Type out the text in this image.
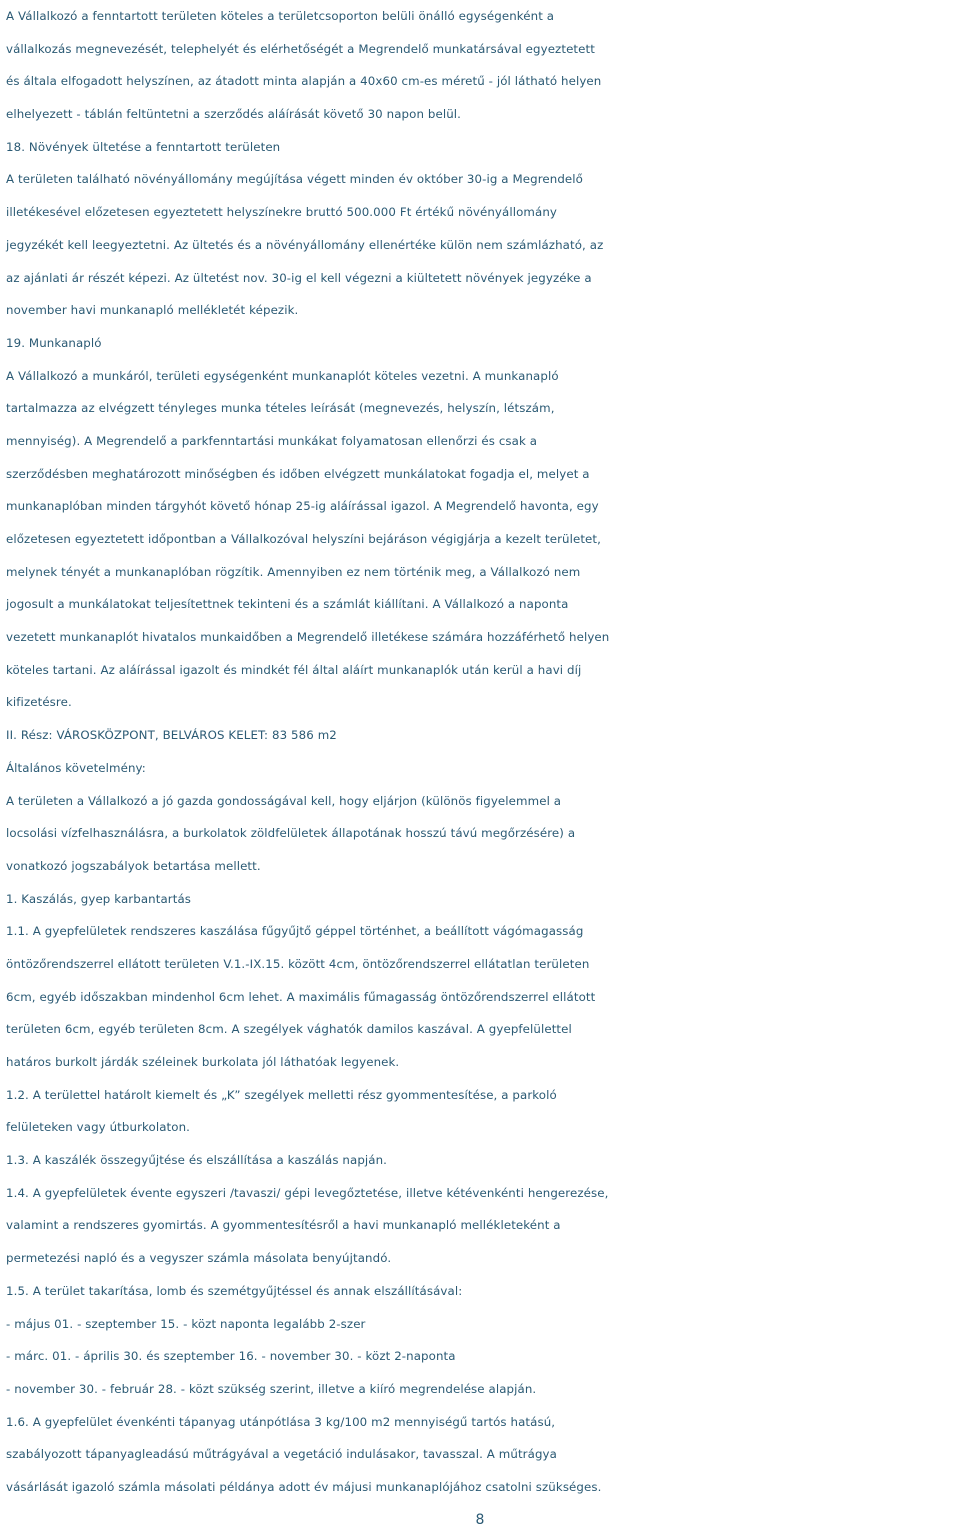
A Vállalkozó a fenntartott területen köteles a területcsoporton belüli önálló egységenként a
vállalkozás megnevezését, telephelyét és elérhetőségét a Megrendelő munkatársával egyeztetett
és általa elfogadott helyszínen, az átadott minta alapján a 40x60 cm-es méretű - jól látható helyen
elhelyezett - táblán feltüntetni a szerződés aláírását követő 30 napon belül.
18. Növények ültetése a fenntartott területen
A területen található növényállomány megújítása végett minden év október 30-ig a Megrendelő
illetékesével előzetesen egyeztetett helyszínekre bruttó 500.000 Ft értékű növényállomány
jegyzékét kell leegyeztetni. Az ültetés és a növényállomány ellenértéke külön nem számlázható, az
az ajánlati ár részét képezi. Az ültetést nov. 30-ig el kell végezni a kiültetett növények jegyzéke a
november havi munkanapló mellékletét képezik.
19. Munkanapló
A Vállalkozó a munkáról, területi egységenként munkanaplót köteles vezetni. A munkanapló
tartalmazza az elvégzett tényleges munka tételes leírását (megnevezés, helyszín, létszám,
mennyiség). A Megrendelő a parkfenntartási munkákat folyamatosan ellenőrzi és csak a
szerződésben meghatározott minőségben és időben elvégzett munkálatokat fogadja el, melyet a
munkanaplóban minden tárgyhót követő hónap 25-ig aláírással igazol. A Megrendelő havonta, egy
előzetesen egyeztetett időpontban a Vállalkozóval helyszíni bejáráson végigjárja a kezelt területet,
melynek tényét a munkanaplóban rögzítik. Amennyiben ez nem történik meg, a Vállalkozó nem
jogosult a munkálatokat teljesítettnek tekinteni és a számlát kiállítani. A Vállalkozó a naponta
vezetett munkanaplót hivatalos munkaidőben a Megrendelő illetékese számára hozzáférhető helyen
köteles tartani. Az aláírással igazolt és mindkét fél által aláírt munkanaplók után kerül a havi díj
kifizetésre.
II. Rész: VÁROSKÖZPONT, BELVÁROS KELET: 83 586 m2
Általános követelmény:
A területen a Vállalkozó a jó gazda gondosságával kell, hogy eljárjon (különös figyelemmel a
locsolási vízfelhasználásra, a burkolatok zöldfelületek állapotának hosszú távú megőrzésére) a
vonatkozó jogszabályok betartása mellett.
1. Kaszálás, gyep karbantartás
1.1. A gyepfelületek rendszeres kaszálása fűgyűjtő géppel történhet, a beállított vágómagasság
öntözőrendszerrel ellátott területen V.1.-IX.15. között 4cm, öntözőrendszerrel ellátatlan területen
6cm, egyéb időszakban mindenhol 6cm lehet. A maximális fűmagasság öntözőrendszerrel ellátott
területen 6cm, egyéb területen 8cm. A szegélyek vághatók damilos kaszával. A gyepfelülettel
határos burkolt járdák széleinek burkolata jól láthatóak legyenek.
1.2. A területtel határolt kiemelt és „K” szegélyek melletti rész gyommentesítése, a parkoló
felületeken vagy útburkolaton.
1.3. A kaszálék összegyűjtése és elszállítása a kaszálás napján.
1.4. A gyepfelületek évente egyszeri /tavaszi/ gépi levegőztetése, illetve kétévenkénti hengerezése,
valamint a rendszeres gyomirtás. A gyommentesítésről a havi munkanapló mellékleteként a
permetezési napló és a vegyszer számla másolata benyújtandó.
1.5. A terület takarítása, lomb és szemétgyűjtéssel és annak elszállításával:
- május 01. - szeptember 15. - közt naponta legalább 2-szer
- márc. 01. - április 30. és szeptember 16. - november 30. - közt 2-naponta
- november 30. - február 28. - közt szükség szerint, illetve a kiíró megrendelése alapján.
1.6. A gyepfelület évenkénti tápanyag utánpótlása 3 kg/100 m2 mennyiségű tartós hatású,
szabályozott tápanyagleadású műtrágyával a vegetáció indulásakor, tavasszal. A műtrágya
vásárlását igazoló számla másolati példánya adott év májusi munkanaplójához csatolni szükséges.
8
